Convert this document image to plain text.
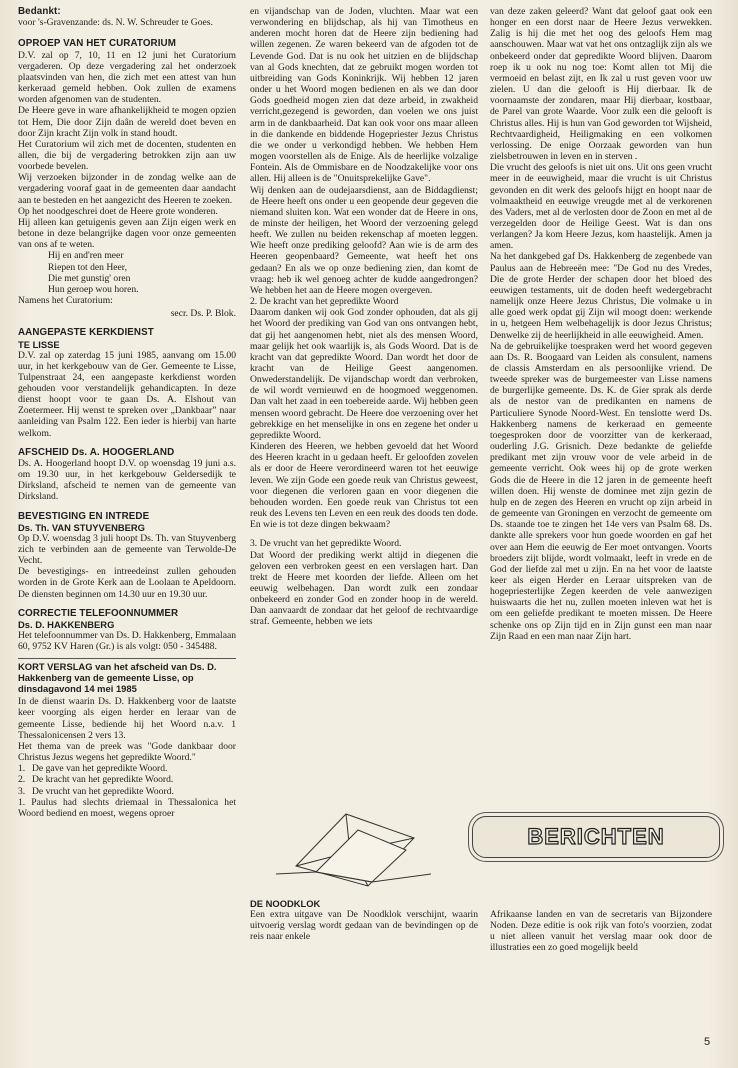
Bedankt:

voor 's-Gravenzande: ds. N. W. Schreuder te Goes.

OPROEP VAN HET CURATORIUM

D.V. zal op 7, 10, 11 en 12 juni het Curatorium vergaderen. Op deze vergadering zal het onderzoek plaatsvinden van hen, die zich met een attest van hun kerkeraad gemeld hebben. Ook zullen de examens worden afgenomen van de studenten.

De Heere geve in ware afhankelijkheid te mogen opzien tot Hem, Die door Zijn daân de wereld doet beven en door Zijn kracht Zijn volk in stand houdt.

Het Curatorium wil zich met de docenten, studenten en allen, die bij de vergadering betrokken zijn aan uw voorbede bevelen.

Wij verzoeken bijzonder in de zondag welke aan de vergadering vooraf gaat in de gemeenten daar aandacht aan te besteden en het aangezicht des Heeren te zoeken.

Op het noodgeschrei doet de Heere grote wonderen.

Hij alleen kan getuigenis geven aan Zijn eigen werk en betone in deze belangrijke dagen voor onze gemeenten van ons af te weten.

Hij en and'ren meer
Riepen tot den Heer,
Die met gunstig' oren
Hun geroep wou horen.

Namens het Curatorium:

secr. Ds. P. Blok.

AANGEPASTE KERKDIENST

TE LISSE

D.V. zal op zaterdag 15 juni 1985, aanvang om 15.00 uur, in het kerkgebouw van de Ger. Gemeente te Lisse, Tulpenstraat 24, een aangepaste kerkdienst worden gehouden voor verstandelijk gehandicapten. In deze dienst hoopt voor te gaan Ds. A. Elshout van Zoetermeer. Hij wenst te spreken over „Dankbaar” naar aanleiding van Psalm 122. Een ieder is hierbij van harte welkom.

AFSCHEID Ds. A. HOOGERLAND

Ds. A. Hoogerland hoopt D.V. op woensdag 19 juni a.s. om 19.30 uur, in het kerkgebouw Geldersedijk te Dirksland, afscheid te nemen van de gemeente van Dirksland.

BEVESTIGING EN INTREDE

Ds. Th. VAN STUYVENBERG

Op D.V. woensdag 3 juli hoopt Ds. Th. van Stuyvenberg zich te verbinden aan de gemeente van Terwolde-De Vecht.

De bevestigings- en intreedeinst zullen gehouden worden in de Grote Kerk aan de Loolaan te Apeldoorn. De diensten beginnen om 14.30 uur en 19.30 uur.

CORRECTIE TELEFOONNUMMER

Ds. D. HAKKENBERG

Het telefoonnummer van Ds. D. Hakkenberg, Emmalaan 60, 9752 KV Haren (Gr.) is als volgt: 050 - 345488.

KORT VERSLAG van het afscheid van Ds. D. Hakkenberg van de gemeente Lisse, op dinsdagavond 14 mei 1985

In de dienst waarin Ds. D. Hakkenberg voor de laatste keer voorging als eigen herder en leraar van de gemeente Lisse, bediende hij het Woord n.a.v. 1 Thessalonicensen 2 vers 13.

Het thema van de preek was "Gode dankbaar door Christus Jezus wegens het gepredikte Woord."

1. De gave van het gepredikte Woord.
2. De kracht van het gepredikte Woord.
3. De vrucht van het gepredikte Woord.

1. Paulus had slechts driemaal in Thessalonica het Woord bediend en moest, wegens oproer

en vijandschap van de Joden, vluchten. Maar wat een verwondering en blijdschap, als hij van Timotheus en anderen mocht horen dat de Heere zijn bediening had willen zegenen. Ze waren bekeerd van de afgoden tot de Levende God. Dat is nu ook het uitzien en de blijdschap van al Gods knechten, dat ze gebruikt mogen worden tot uitbreiding van Gods Koninkrijk. Wij hebben 12 jaren onder u het Woord mogen bedienen en als we dan door Gods goedheid mogen zien dat deze arbeid, in zwakheid verricht,gezegend is geworden, dan voelen we ons juist arm in de dankbaarheid. Dat kan ook voor ons maar alleen in die dankende en biddende Hogepriester Jezus Christus die we onder u verkondigd hebben. We hebben Hem mogen voorstellen als de Enige. Als de heerlijke volzalige Fontein. Als de Ommisbare en de Noodzakelijke voor ons allen. Hij alleen is de "Onuitsprekelijke Gave".

Wij denken aan de oudejaarsdienst, aan de Biddagdienst; de Heere heeft ons onder u een geopende deur gegeven die niemand sluiten kon. Wat een wonder dat de Heere in ons, de minste der heiligen, het Woord der verzoening gelegd heeft. We zullen nu beiden rekenschap af moeten leggen. Wie heeft onze prediking geloofd? Aan wie is de arm des Heeren geopenbaard? Gemeente, wat heeft het ons gedaan? En als we op onze bediening zien, dan komt de vraag: heb ik wel genoeg achter de kudde aangedrongen? We hebben het aan de Heere mogen overgeven.

2. De kracht van het gepredikte Woord

Daarom danken wij ook God zonder ophouden, dat als gij het Woord der prediking van God van ons ontvangen hebt, dat gij het aangenomen hebt, niet als des mensen Woord, maar gelijk het ook waarlijk is, als Gods Woord. Dat is de kracht van dat gepredikte Woord. Dan wordt het door de kracht van de Heilige Geest aangenomen. Onwederstandelijk. De vijandschap wordt dan verbroken, de wil wordt vernieuwd en de hoogmoed weggenomen. Dan valt het zaad in een toebereide aarde. Wij hebben geen mensen woord gebracht. De Heere doe verzoening over het gebrekkige en het menselijke in ons en zegene het onder u gepredikte Woord.

Kinderen des Heeren, we hebben gevoeld dat het Woord des Heeren kracht in u gedaan heeft. Er geloofden zovelen als er door de Heere verordineerd waren tot het eeuwige leven. We zijn Gode een goede reuk van Christus geweest, voor diegenen die verloren gaan en voor diegenen die behouden worden. Een goede reuk van Christus tot een reuk des Levens ten Leven en een reuk des doods ten dode. En wie is tot deze dingen bekwaam?

3. De vrucht van het gepredikte Woord.

Dat Woord der prediking werkt altijd in diegenen die geloven een verbroken geest en een verslagen hart. Dan trekt de Heere met koorden der liefde. Alleen om het eeuwig welbehagen. Dan wordt zulk een zondaar onbekeerd en zonder God en zonder hoop in de wereld. Dan aanvaardt de zondaar dat het geloof de rechtvaardige straf. Gemeente, hebben we iets

van deze zaken geleerd? Want dat geloof gaat ook een honger en een dorst naar de Heere Jezus verwekken. Zalig is hij die met het oog des geloofs Hem mag aanschouwen. Maar wat vat het ons ontzaglijk zijn als we onbekeerd onder dat gepredikte Woord blijven. Daarom roep ik u ook nu nog toe: Komt allen tot Mij die vermoeid en belast zijt, en Ik zal u rust geven voor uw zielen. U dan die gelooft is Hij dierbaar. Ik de voornaamste der zondaren, maar Hij dierbaar, kostbaar, de Parel van grote Waarde. Voor zulk een die gelooft is Christus alles. Hij is hun van God geworden tot Wijsheid, Rechtvaardigheid, Heiligmaking en een volkomen verlossing. De enige Oorzaak geworden van hun zielsbetrouwen in leven en in sterven .

Die vrucht des geloofs is niet uit ons. Uit ons geen vrucht meer in de eeuwigheid, maar die vrucht is uit Christus gevonden en dit werk des geloofs hijgt en hoopt naar de volmaaktheid en eeuwige vreugde met al de verkorenen des Vaders, met al de verlosten door de Zoon en met al de verzegelden door de Heilige Geest. Wat is dan ons verlangen? Ja kom Heere Jezus, kom haastelijk. Amen ja amen.

Na het dankgebed gaf Ds. Hakkenberg de zegenbede van Paulus aan de Hebreeën mee: "De God nu des Vredes, Die de grote Herder der schapen door het bloed des eeuwigen testaments, uit de doden heeft wedergebracht namelijk onze Heere Jezus Christus, Die volmake u in alle goed werk opdat gij Zijn wil moogt doen: werkende in u, hetgeen Hem welbehagelijk is door Jezus Christus; Denwelke zij de heerlijkheid in alle eeuwigheid. Amen.

Na de gebruikelijke toespraken werd het woord gegeven aan Ds. R. Boogaard van Leiden als consulent, namens de classis Amsterdam en als persoonlijke vriend. De tweede spreker was de burgemeester van Lisse namens de burgerlijke gemeente. Ds. K. de Gier sprak als derde als de nestor van de predikanten en namens de Particuliere Synode Noord-West. En tenslotte werd Ds. Hakkenberg namens de kerkeraad en gemeente toegesproken door de voorzitter van de kerkeraad, ouderling J.G. Grisnich. Deze bedankte de geliefde predikant met zijn vrouw voor de vele arbeid in de gemeente verricht. Ook wees hij op de grote werken Gods die de Heere in die 12 jaren in de gemeente heeft willen doen. Hij wenste de dominee met zijn gezin de hulp en de zegen des Heeren en vrucht op zijn arbeid in de gemeente van Groningen en verzocht de gemeente om Ds. staande toe te zingen het 14e vers van Psalm 68. Ds. dankte alle sprekers voor hun goede woorden en gaf het over aan Hem die eeuwig de Eer moet ontvangen. Voorts broeders zijt blijde, wordt volmaakt, leeft in vrede en de God der liefde zal met u zijn. En na het voor de laatste keer als eigen Herder en Leraar uitspreken van de hogepriesterlijke Zegen keerden de vele aanwezigen huiswaarts die het nu, zullen moeten inleven wat het is om een geliefde predikant te moeten missen. De Heere schenke ons op Zijn tijd en in Zijn gunst een man naar Zijn Raad en een man naar Zijn hart.

BERICHTEN

DE NOODKLOK

Een extra uitgave van De Noodklok verschijnt, waarin uitvoerig verslag wordt gedaan van de bevindingen op de reis naar enkele

Afrikaanse landen en van de secretaris van Bijzondere Noden. Deze editie is ook rijk van foto's voorzien, zodat u niet alleen vanuit het verslag maar ook door de illustraties een zo goed mogelijk beeld

5
